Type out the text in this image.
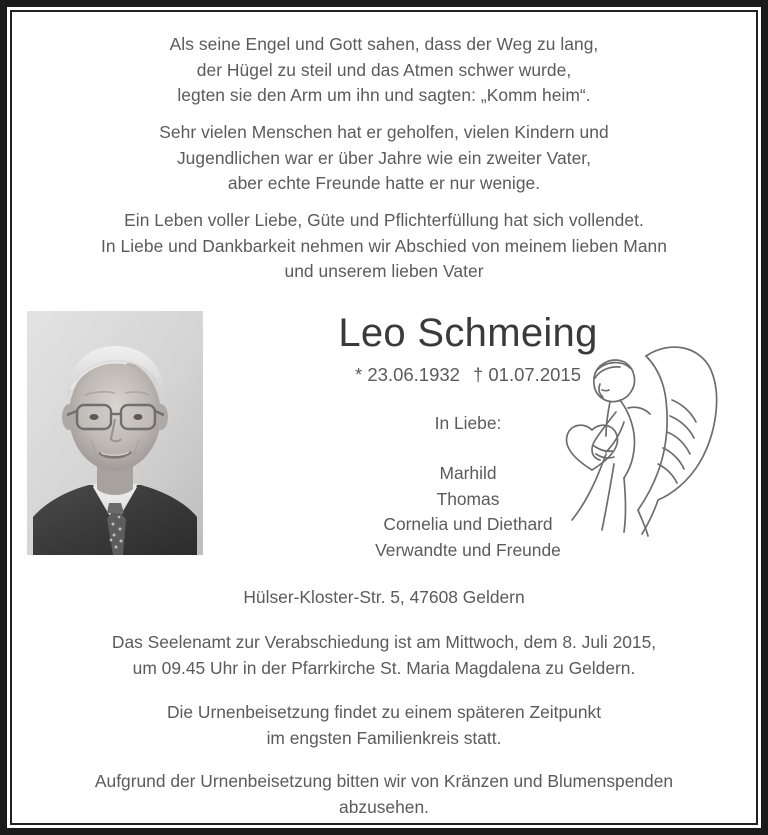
Als seine Engel und Gott sahen, dass der Weg zu lang,
der Hügel zu steil und das Atmen schwer wurde,
legten sie den Arm um ihn und sagten: „Komm heim“.
Sehr vielen Menschen hat er geholfen, vielen Kindern und
Jugendlichen war er über Jahre wie ein zweiter Vater,
aber echte Freunde hatte er nur wenige.
Ein Leben voller Liebe, Güte und Pflichterfüllung hat sich vollendet.
In Liebe und Dankbarkeit nehmen wir Abschied von meinem lieben Mann
und unserem lieben Vater
Leo Schmeing
* 23.06.1932 † 01.07.2015
In Liebe:
Marhild
Thomas
Cornelia und Diethard
Verwandte und Freunde
Hülser-Kloster-Str. 5, 47608 Geldern
Das Seelenamt zur Verabschiedung ist am Mittwoch, dem 8. Juli 2015,
um 09.45 Uhr in der Pfarrkirche St. Maria Magdalena zu Geldern.
Die Urnenbeisetzung findet zu einem späteren Zeitpunkt
im engsten Familienkreis statt.
Aufgrund der Urnenbeisetzung bitten wir von Kränzen und Blumenspenden
abzusehen.
